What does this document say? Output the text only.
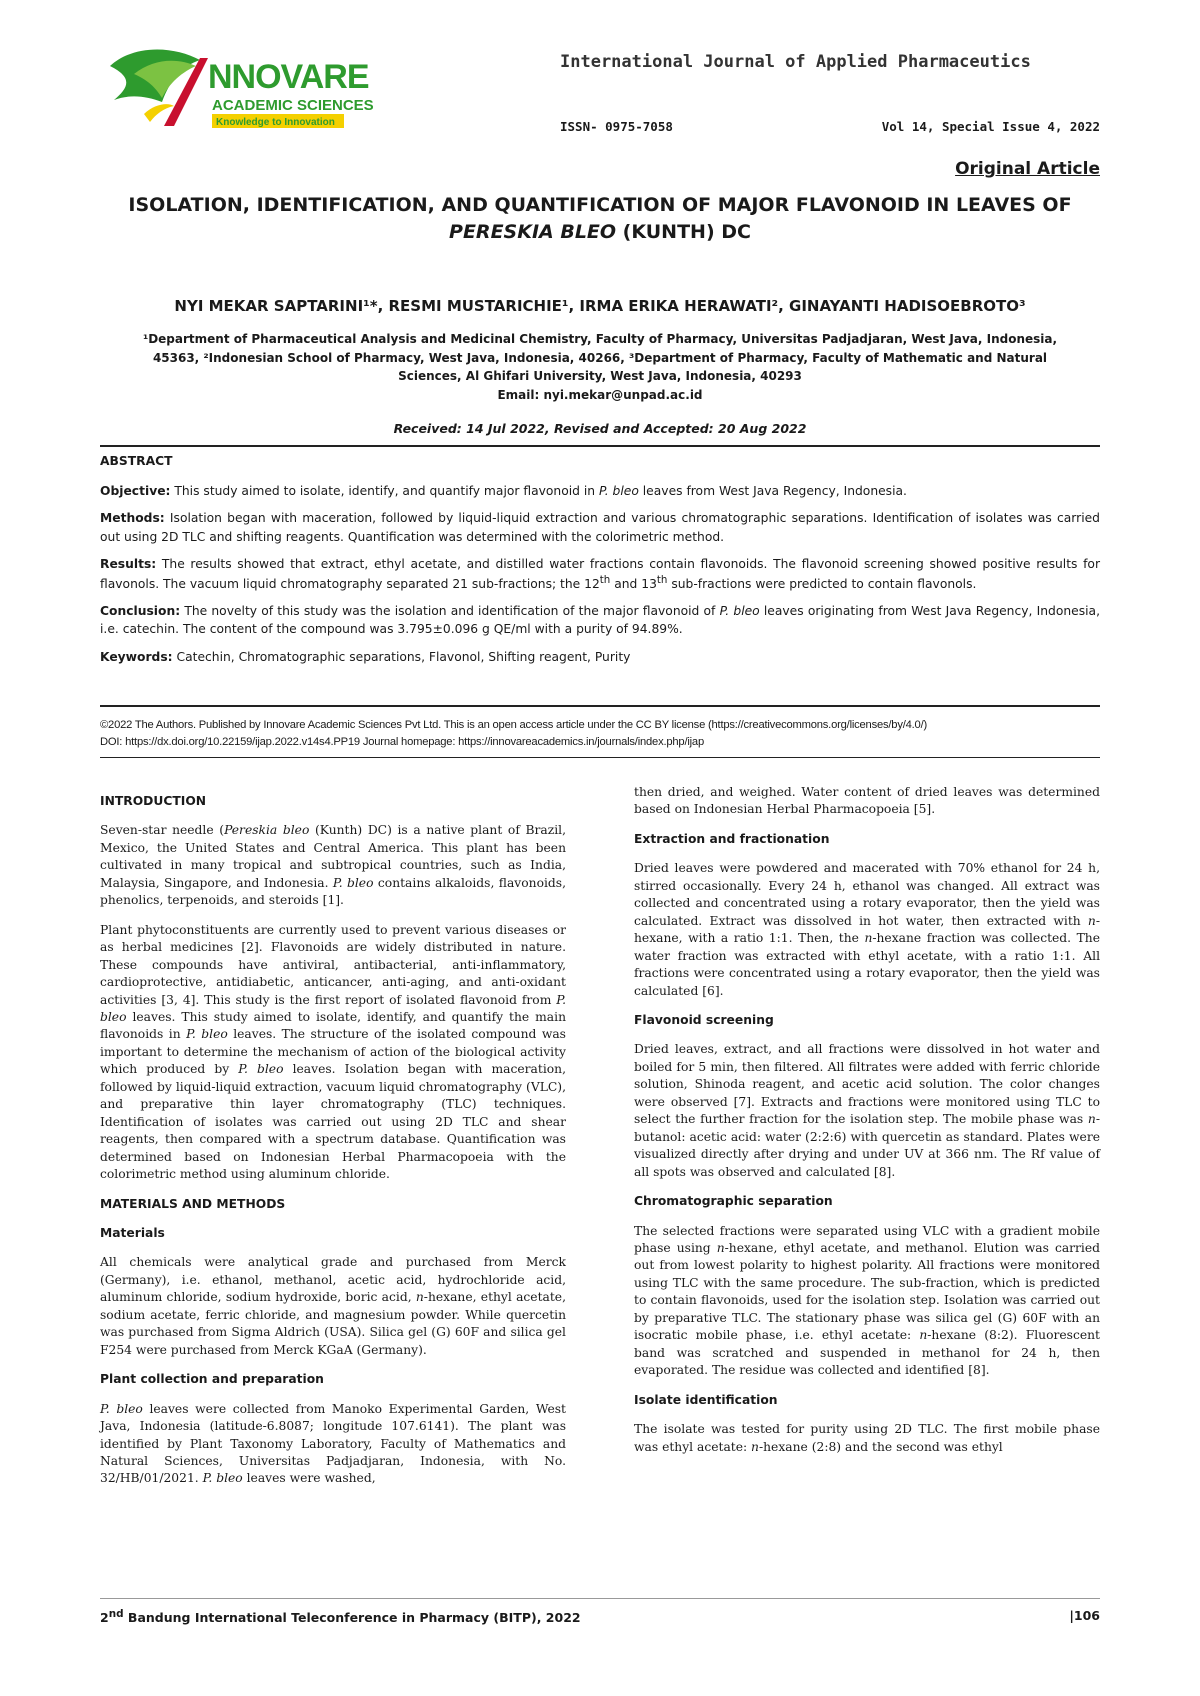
NNOVARE
ACADEMIC SCIENCES
Knowledge to Innovation
International Journal of Applied Pharmaceutics
ISSN- 0975-7058	Vol 14, Special Issue 4, 2022
Original Article
ISOLATION, IDENTIFICATION, AND QUANTIFICATION OF MAJOR FLAVONOID IN LEAVES OF
PERESKIA BLEO (KUNTH) DC
NYI MEKAR SAPTARINI¹*, RESMI MUSTARICHIE¹, IRMA ERIKA HERAWATI², GINAYANTI HADISOEBROTO³
¹Department of Pharmaceutical Analysis and Medicinal Chemistry, Faculty of Pharmacy, Universitas Padjadjaran, West Java, Indonesia, 45363, ²Indonesian School of Pharmacy, West Java, Indonesia, 40266, ³Department of Pharmacy, Faculty of Mathematic and Natural Sciences, Al Ghifari University, West Java, Indonesia, 40293
Email: nyi.mekar@unpad.ac.id
Received: 14 Jul 2022, Revised and Accepted: 20 Aug 2022
ABSTRACT

Objective: This study aimed to isolate, identify, and quantify major flavonoid in P. bleo leaves from West Java Regency, Indonesia.

Methods: Isolation began with maceration, followed by liquid-liquid extraction and various chromatographic separations. Identification of isolates was carried out using 2D TLC and shifting reagents. Quantification was determined with the colorimetric method.

Results: The results showed that extract, ethyl acetate, and distilled water fractions contain flavonoids. The flavonoid screening showed positive results for flavonols. The vacuum liquid chromatography separated 21 sub-fractions; the 12th and 13th sub-fractions were predicted to contain flavonols.

Conclusion: The novelty of this study was the isolation and identification of the major flavonoid of P. bleo leaves originating from West Java Regency, Indonesia, i.e. catechin. The content of the compound was 3.795±0.096 g QE/ml with a purity of 94.89%.

Keywords: Catechin, Chromatographic separations, Flavonol, Shifting reagent, Purity

©2022 The Authors. Published by Innovare Academic Sciences Pvt Ltd. This is an open access article under the CC BY license (https://creativecommons.org/licenses/by/4.0/)
DOI: https://dx.doi.org/10.22159/ijap.2022.v14s4.PP19 Journal homepage: https://innovareacademics.in/journals/index.php/ijap
INTRODUCTION

Seven-star needle (Pereskia bleo (Kunth) DC) is a native plant of Brazil, Mexico, the United States and Central America. This plant has been cultivated in many tropical and subtropical countries, such as India, Malaysia, Singapore, and Indonesia. P. bleo contains alkaloids, flavonoids, phenolics, terpenoids, and steroids [1].

Plant phytoconstituents are currently used to prevent various diseases or as herbal medicines [2]. Flavonoids are widely distributed in nature. These compounds have antiviral, antibacterial, anti-inflammatory, cardioprotective, antidiabetic, anticancer, anti-aging, and anti-oxidant activities [3, 4]. This study is the first report of isolated flavonoid from P. bleo leaves. This study aimed to isolate, identify, and quantify the main flavonoids in P. bleo leaves. The structure of the isolated compound was important to determine the mechanism of action of the biological activity which produced by P. bleo leaves. Isolation began with maceration, followed by liquid-liquid extraction, vacuum liquid chromatography (VLC), and preparative thin layer chromatography (TLC) techniques. Identification of isolates was carried out using 2D TLC and shear reagents, then compared with a spectrum database. Quantification was determined based on Indonesian Herbal Pharmacopoeia with the colorimetric method using aluminum chloride.

MATERIALS AND METHODS
Materials

All chemicals were analytical grade and purchased from Merck (Germany), i.e. ethanol, methanol, acetic acid, hydrochloride acid, aluminum chloride, sodium hydroxide, boric acid, n-hexane, ethyl acetate, sodium acetate, ferric chloride, and magnesium powder. While quercetin was purchased from Sigma Aldrich (USA). Silica gel (G) 60F and silica gel F254 were purchased from Merck KGaA (Germany).

Plant collection and preparation

P. bleo leaves were collected from Manoko Experimental Garden, West Java, Indonesia (latitude-6.8087; longitude 107.6141). The plant was identified by Plant Taxonomy Laboratory, Faculty of Mathematics and Natural Sciences, Universitas Padjadjaran, Indonesia, with No. 32/HB/01/2021. P. bleo leaves were washed,

then dried, and weighed. Water content of dried leaves was determined based on Indonesian Herbal Pharmacopoeia [5].

Extraction and fractionation

Dried leaves were powdered and macerated with 70% ethanol for 24 h, stirred occasionally. Every 24 h, ethanol was changed. All extract was collected and concentrated using a rotary evaporator, then the yield was calculated. Extract was dissolved in hot water, then extracted with n-hexane, with a ratio 1:1. Then, the n-hexane fraction was collected. The water fraction was extracted with ethyl acetate, with a ratio 1:1. All fractions were concentrated using a rotary evaporator, then the yield was calculated [6].

Flavonoid screening

Dried leaves, extract, and all fractions were dissolved in hot water and boiled for 5 min, then filtered. All filtrates were added with ferric chloride solution, Shinoda reagent, and acetic acid solution. The color changes were observed [7]. Extracts and fractions were monitored using TLC to select the further fraction for the isolation step. The mobile phase was n-butanol: acetic acid: water (2:2:6) with quercetin as standard. Plates were visualized directly after drying and under UV at 366 nm. The Rf value of all spots was observed and calculated [8].

Chromatographic separation

The selected fractions were separated using VLC with a gradient mobile phase using n-hexane, ethyl acetate, and methanol. Elution was carried out from lowest polarity to highest polarity. All fractions were monitored using TLC with the same procedure. The sub-fraction, which is predicted to contain flavonoids, used for the isolation step. Isolation was carried out by preparative TLC. The stationary phase was silica gel (G) 60F with an isocratic mobile phase, i.e. ethyl acetate: n-hexane (8:2). Fluorescent band was scratched and suspended in methanol for 24 h, then evaporated. The residue was collected and identified [8].

Isolate identification

The isolate was tested for purity using 2D TLC. The first mobile phase was ethyl acetate: n-hexane (2:8) and the second was ethyl

2nd Bandung International Teleconference in Pharmacy (BITP), 2022	|106
